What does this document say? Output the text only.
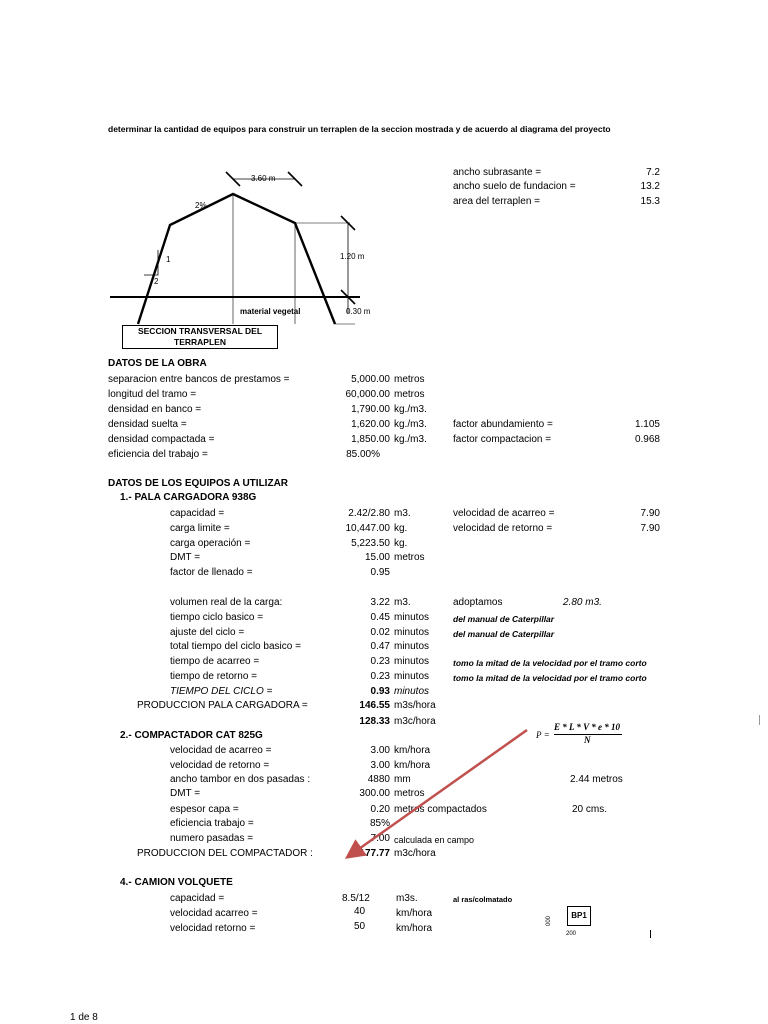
determinar la cantidad de equipos para construir un terraplen de la seccion mostrada y de acuerdo al diagrama del proyecto
3.60 m
2%
1.20 m
0.30 m
1
2
material vegetal
SECCION TRANSVERSAL DEL TERRAPLEN
ancho subrasante =	7.2
ancho suelo de fundacion =	13.2
area del terraplen =	15.3
DATOS DE LA OBRA
separacion entre bancos de prestamos =	5,000.00 metros
longitud del tramo =	60,000.00 metros
densidad en banco =	1,790.00 kg./m3.
densidad suelta =	1,620.00 kg./m3.
densidad compactada =	1,850.00 kg./m3.
eficiencia del trabajo =	85.00%
factor abundamiento =	1.105
factor compactacion =	0.968
DATOS DE LOS EQUIPOS A UTILIZAR
1.- PALA CARGADORA 938G
capacidad =	2.42/2.80 m3.
carga limite =	10,447.00 kg.
carga operación =	5,223.50 kg.
DMT =	15.00 metros
factor de llenado =	0.95
velocidad de acarreo =	7.90
velocidad de retorno =	7.90
volumen real de la carga:	3.22 m3.	adoptamos	2.80 m3.
tiempo ciclo basico =	0.45 minutos	del manual de Caterpillar
ajuste del ciclo =	0.02 minutos	del manual de Caterpillar
total tiempo del ciclo basico =	0.47 minutos
tiempo de acarreo =	0.23 minutos	tomo la mitad de la velocidad por el tramo corto
tiempo de retorno =	0.23 minutos	tomo la mitad de la velocidad por el tramo corto
TIEMPO DEL CICLO =	0.93 minutos
PRODUCCION PALA CARGADORA =	146.55 m3s/hora
128.33 m3c/hora
2.- COMPACTADOR CAT 825G
velocidad de acarreo =	3.00 km/hora
velocidad de retorno =	3.00 km/hora
ancho tambor en dos pasadas :	4880 mm	2.44 metros
DMT =	300.00 metros
espesor capa =	0.20 metros compactados	20 cms.
eficiencia trabajo =	85%
numero pasadas =	7.00 calculada en campo
PRODUCCION DEL COMPACTADOR :	177.77 m3c/hora
P =
E * L * V * e * 10
N
4.- CAMION VOLQUETE
capacidad =	8.5/12	m3s.	al ras/colmatado
velocidad acarreo =	40	km/hora
velocidad retorno =	50	km/hora
BP1
200
000
1 de 8
